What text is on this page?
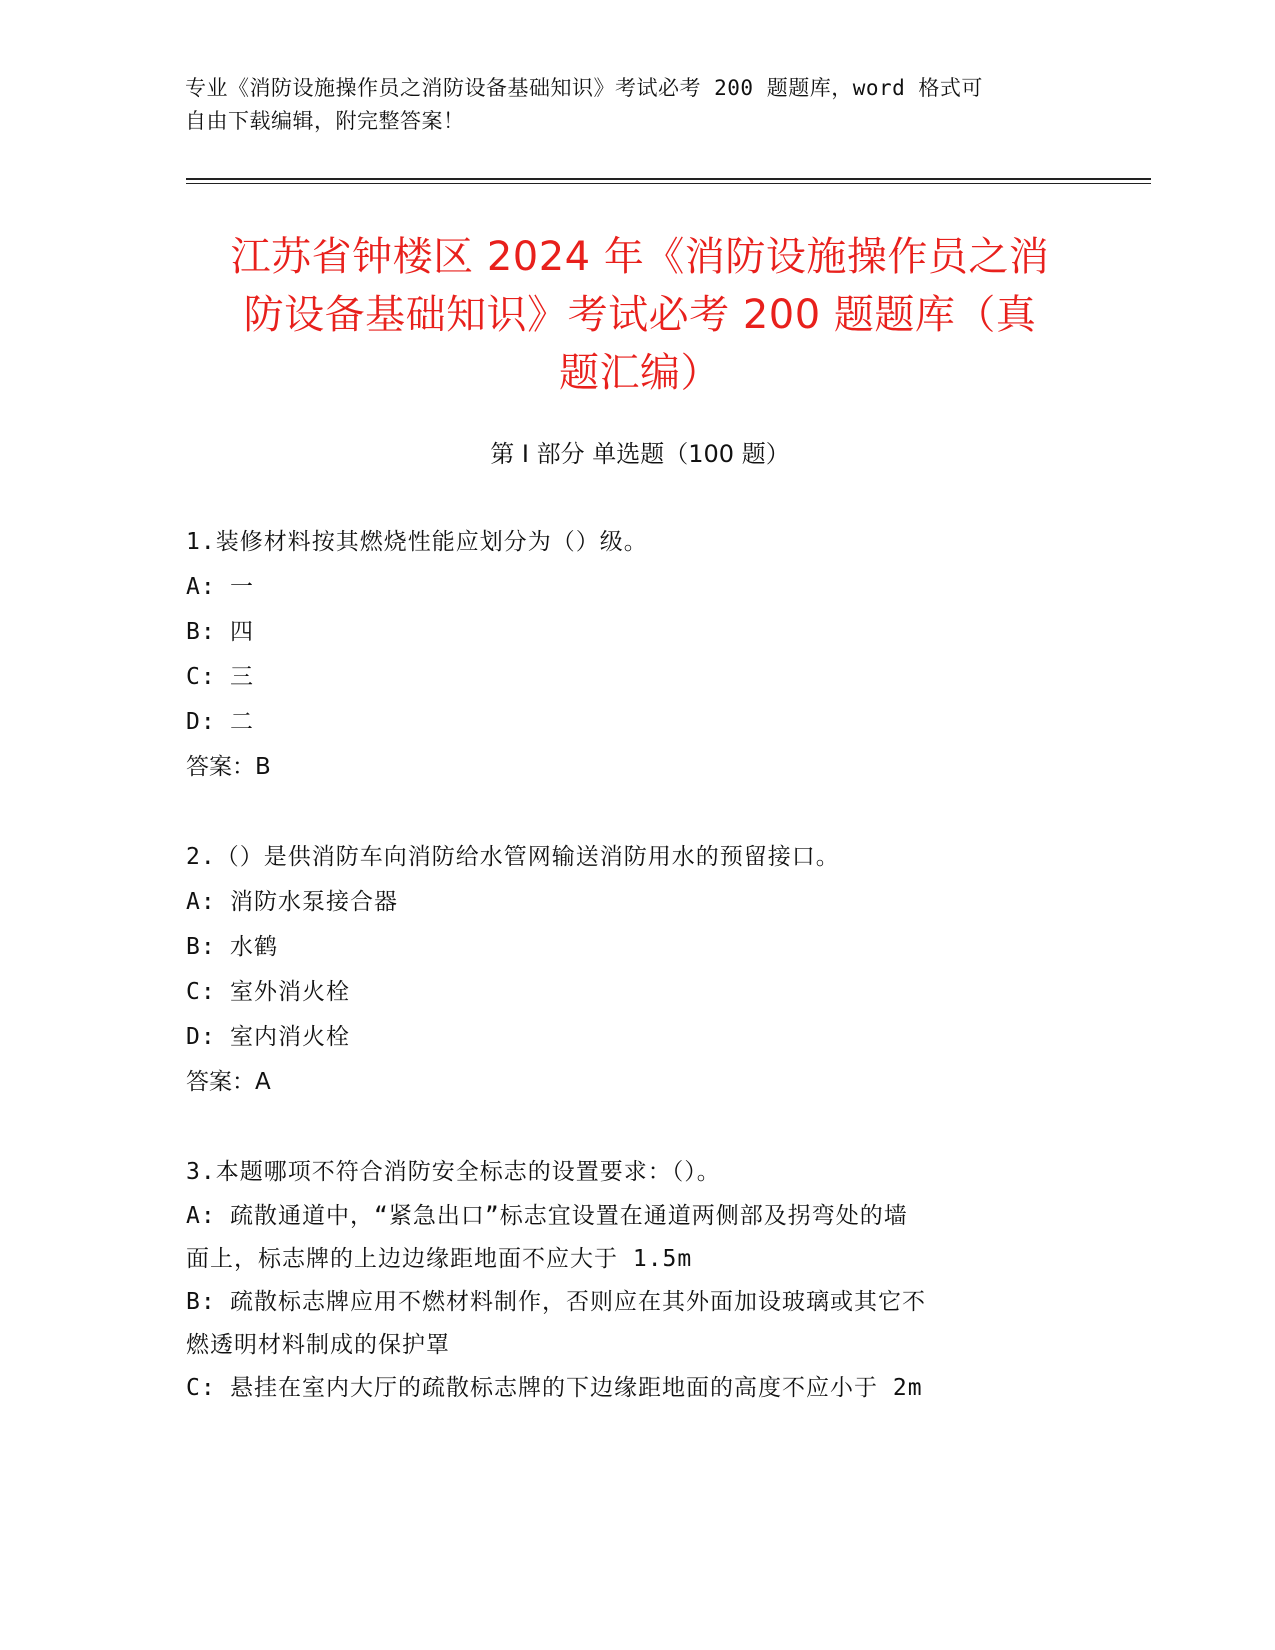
专业《消防设施操作员之消防设备基础知识》考试必考 200 题题库，word 格式可
自由下载编辑，附完整答案！
江苏省钟楼区 2024 年《消防设施操作员之消
防设备基础知识》考试必考 200 题题库（真
题汇编）
第 I 部分 单选题（100 题）
1.装修材料按其燃烧性能应划分为（）级。
A: 一
B: 四
C: 三
D: 二
答案：B
2.（）是供消防车向消防给水管网输送消防用水的预留接口。
A: 消防水泵接合器
B: 水鹤
C: 室外消火栓
D: 室内消火栓
答案：A
3.本题哪项不符合消防安全标志的设置要求：（）。
A: 疏散通道中，“紧急出口”标志宜设置在通道两侧部及拐弯处的墙
面上，标志牌的上边边缘距地面不应大于 1.5m
B: 疏散标志牌应用不燃材料制作，否则应在其外面加设玻璃或其它不
燃透明材料制成的保护罩
C: 悬挂在室内大厅的疏散标志牌的下边缘距地面的高度不应小于 2m
